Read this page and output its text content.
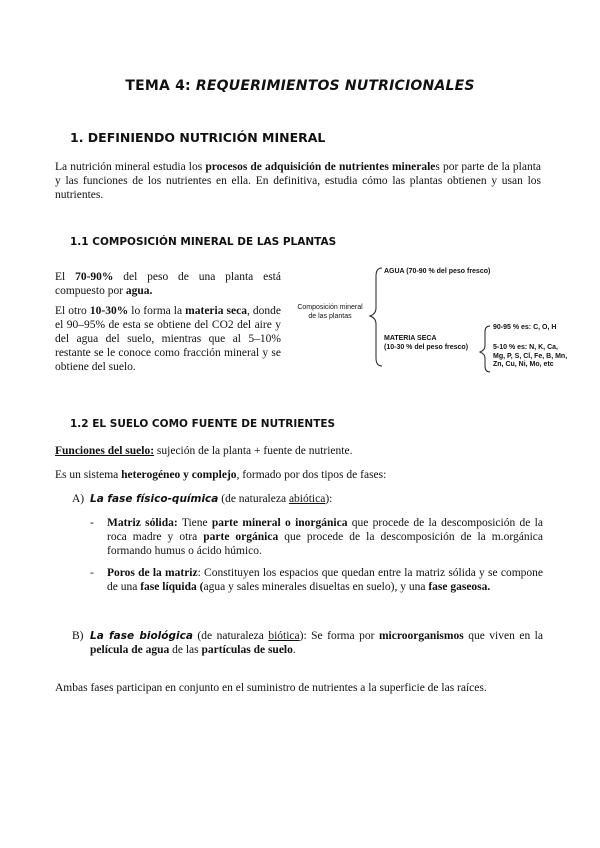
TEMA 4: REQUERIMIENTOS NUTRICIONALES
1. DEFINIENDO NUTRICIÓN MINERAL
La nutrición mineral estudia los procesos de adquisición de nutrientes minerales por parte de la planta y las funciones de los nutrientes en ella. En definitiva, estudia cómo las plantas obtienen y usan los nutrientes.
1.1 COMPOSICIÓN MINERAL DE LAS PLANTAS
El 70-90% del peso de una planta está compuesto por agua.
El otro 10-30% lo forma la materia seca, donde el 90–95% de esta se obtiene del CO2 del aire y del agua del suelo, mientras que al 5–10% restante se le conoce como fracción mineral y se obtiene del suelo.
Composición mineral
de las plantas
AGUA (70-90 % del peso fresco)
MATERIA SECA
(10-30 % del peso fresco)
90-95 % es: C, O, H
5-10 % es: N, K, Ca,
Mg, P, S, Cl, Fe, B, Mn,
Zn, Cu, Ni, Mo, etc
1.2 EL SUELO COMO FUENTE DE NUTRIENTES
Funciones del suelo: sujeción de la planta + fuente de nutriente.
Es un sistema heterogéneo y complejo, formado por dos tipos de fases:
A) La fase físico-química (de naturaleza abiótica):
- Matriz sólida: Tiene parte mineral o inorgánica que procede de la descomposición de la roca madre y otra parte orgánica que procede de la descomposición de la m.orgánica formando humus o ácido húmico.
- Poros de la matriz: Constituyen los espacios que quedan entre la matriz sólida y se compone de una fase líquida (agua y sales minerales disueltas en suelo), y una fase gaseosa.
B) La fase biológica (de naturaleza biótica): Se forma por microorganismos que viven en la película de agua de las partículas de suelo.
Ambas fases participan en conjunto en el suministro de nutrientes a la superficie de las raíces.
